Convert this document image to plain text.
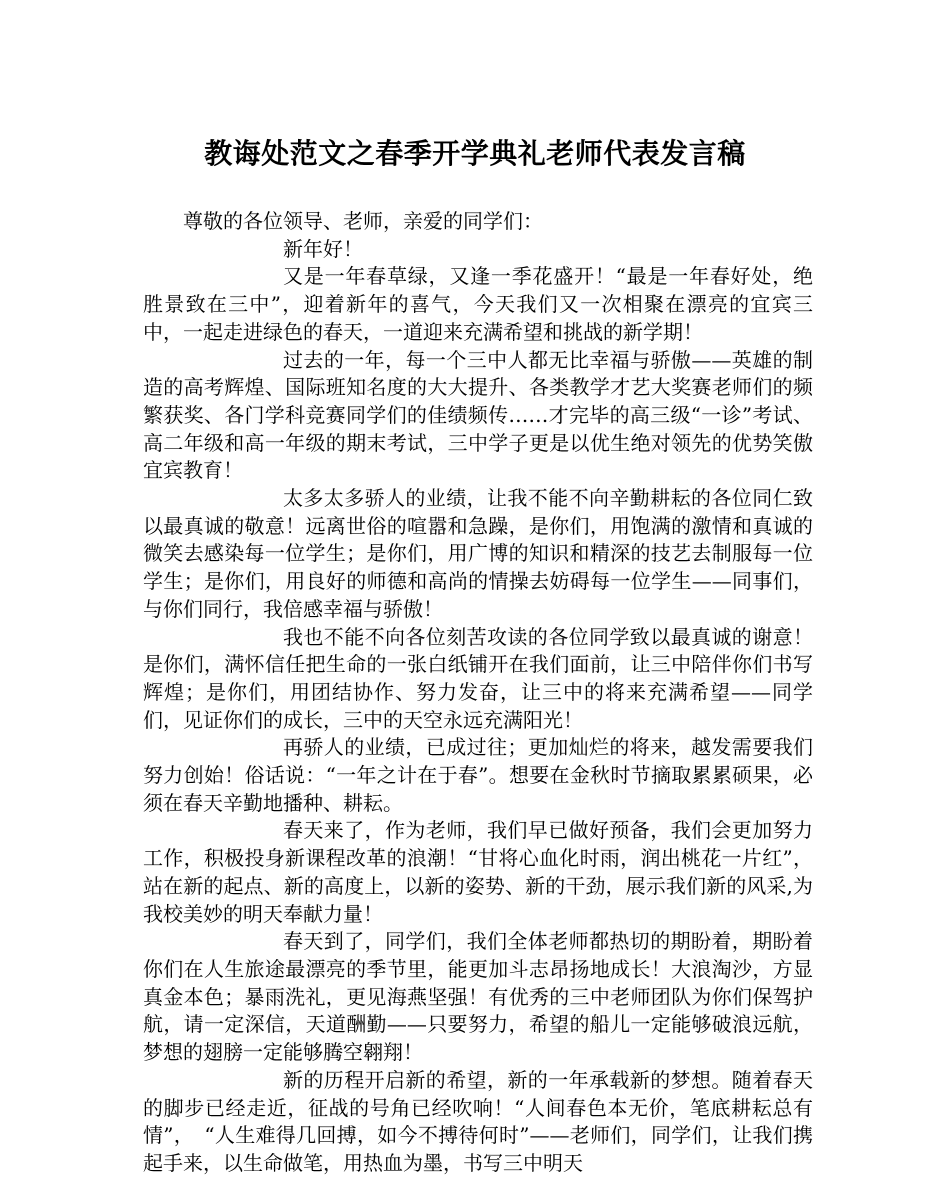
教诲处范文之春季开学典礼老师代表发言稿

尊敬的各位领导、老师，亲爱的同学们：

新年好！

又是一年春草绿，又逢一季花盛开！“最是一年春好处，绝胜景致在三中”，迎着新年的喜气，今天我们又一次相聚在漂亮的宜宾三中，一起走进绿色的春天，一道迎来充满希望和挑战的新学期！

过去的一年，每一个三中人都无比幸福与骄傲——英雄的制造的高考辉煌、国际班知名度的大大提升、各类教学才艺大奖赛老师们的频繁获奖、各门学科竞赛同学们的佳绩频传……才完毕的高三级“一诊”考试、高二年级和高一年级的期末考试，三中学子更是以优生绝对领先的优势笑傲宜宾教育！

太多太多骄人的业绩，让我不能不向辛勤耕耘的各位同仁致以最真诚的敬意！远离世俗的喧嚣和急躁，是你们，用饱满的激情和真诚的微笑去感染每一位学生；是你们，用广博的知识和精深的技艺去制服每一位学生；是你们，用良好的师德和高尚的情操去妨碍每一位学生——同事们，与你们同行，我倍感幸福与骄傲！

我也不能不向各位刻苦攻读的各位同学致以最真诚的谢意！是你们，满怀信任把生命的一张白纸铺开在我们面前，让三中陪伴你们书写辉煌；是你们，用团结协作、努力发奋，让三中的将来充满希望——同学们，见证你们的成长，三中的天空永远充满阳光！

再骄人的业绩，已成过往；更加灿烂的将来，越发需要我们努力创始！俗话说：“一年之计在于春”。想要在金秋时节摘取累累硕果，必须在春天辛勤地播种、耕耘。

春天来了，作为老师，我们早已做好预备，我们会更加努力工作，积极投身新课程改革的浪潮！“甘将心血化时雨，润出桃花一片红”，站在新的起点、新的高度上，以新的姿势、新的干劲，展示我们新的风采,为我校美妙的明天奉献力量！

春天到了，同学们，我们全体老师都热切的期盼着，期盼着你们在人生旅途最漂亮的季节里，能更加斗志昂扬地成长！大浪淘沙，方显真金本色；暴雨洗礼，更见海燕坚强！有优秀的三中老师团队为你们保驾护航，请一定深信，天道酬勤——只要努力，希望的船儿一定能够破浪远航，梦想的翅膀一定能够腾空翱翔！

新的历程开启新的希望，新的一年承载新的梦想。随着春天的脚步已经走近，征战的号角已经吹响！“人间春色本无价，笔底耕耘总有情”，　“人生难得几回搏，如今不搏待何时”——老师们，同学们，让我们携起手来，以生命做笔，用热血为墨，书写三中明天
